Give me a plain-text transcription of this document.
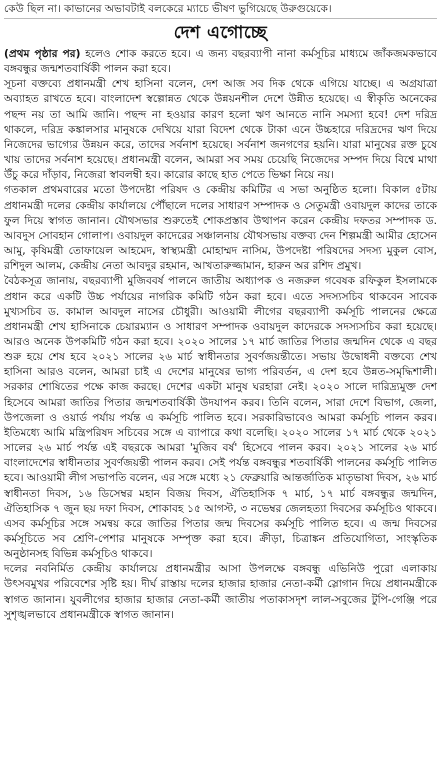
কেউ ছিল না। কাভানের অভাবটাই বলকেরে ম্যাচে ভীষণ ভুগিয়েছে উরুগুয়েকে।
দেশ এগোচ্ছে

(প্রথম পৃষ্ঠার পর) হলেও শোক করতে হবে। এ জন্য বছরব্যাপী নানা কর্মসূচির মাধ্যমে জাঁকজমকভাবে বঙ্গবন্ধুর জন্মশতবার্ষিকী পালন করা হবে।

সূচনা বক্তব্যে প্রধানমন্ত্রী শেখ হাসিনা বলেন, দেশ আজ সব দিক থেকে এগিয়ে যাচ্ছে। এ অগ্রযাত্রা অব্যাহত রাখতে হবে। বাংলাদেশ স্বল্পোন্নত থেকে উন্নয়নশীল দেশে উন্নীত হয়েছে। এ স্বীকৃতি অনেকের পছন্দ নয় তা আমি জানি। পছন্দ না হওয়ার কারণ হলো ঋণ আনতে নানি সমস্যা হবে! দেশ দরিদ্র থাকলে, দরিদ্র কঙ্কালসার মানুষকে দেখিয়ে যারা বিদেশ থেকে টাকা এনে উচ্চহারে দরিদ্রদের ঋণ দিয়ে নিজেদের ভাগ্যের উন্নয়ন করে, তাদের সর্বনাশ হয়েছে। সর্বনাশ জনগণের হয়নি। যারা মানুষের রক্ত চুষে খায় তাদের সর্বনাশ হয়েছে। প্রধানমন্ত্রী বলেন, আমরা সব সময় চেয়েছি নিজেদের সম্পদ দিয়ে বিশ্বে মাথা উঁচু করে দাঁড়াব, নিজেরা স্বাবলম্বী হব। কারোর কাছে হাত পেতে ভিক্ষা নিয়ে নয়।

গতকাল প্রথমবারের মতো উপদেষ্টা পরিষদ ও কেন্দ্রীয় কমিটির এ সভা অনুষ্ঠিত হলো। বিকাল ৫টায় প্রধানমন্ত্রী দলের কেন্দ্রীয় কার্যালয়ে পৌঁছালে দলের সাধারণ সম্পাদক ও সেতুমন্ত্রী ওবায়দুল কাদের তাকে ফুল দিয়ে স্বাগত জানান। যৌথসভার শুরুতেই শোকপ্রস্তাব উত্থাপন করেন কেন্দ্রীয় দফতর সম্পাদক ড. আবদুস সোবহান গোলাপ। ওবায়দুল কাদেরের সঞ্চালনায় যৌথসভায় বক্তব্য দেন শিল্পমন্ত্রী আমীর হোসেন আমু, কৃষিমন্ত্রী তোফায়েল আহমেদ, স্বাস্থ্যমন্ত্রী মোহাম্মদ নাসিম, উপদেষ্টা পরিষদের সদস্য মুকুল বোস, রশিদুল আলম, কেন্দ্রীয় নেতা আবদুর রহমান, আখতারুজ্জামান, হারুন অর রশিদ প্রমুখ।

বৈঠকসূত্র জানায়, বছরব্যাপী মুজিববর্ষ পালনে জাতীয় অধ্যাপক ও নজরুল গবেষক রফিকুল ইসলামকে প্রধান করে একটি উচ্চ পর্যায়ের নাগরিক কমিটি গঠন করা হবে। এতে সদস্যসচিব থাকবেন সাবেক মুখ্যসচিব ড. কামাল আবদুল নাসের চৌধুরী। আওয়ামী লীগের বছরব্যাপী কর্মসূচি পালনের ক্ষেত্রে প্রধানমন্ত্রী শেখ হাসিনাকে চেয়ারম্যান ও সাধারণ সম্পাদক ওবায়দুল কাদেরকে সদস্যসচিব করা হয়েছে। আরও অনেক উপকমিটি গঠন করা হবে। ২০২০ সালের ১৭ মার্চ জাতির পিতার জন্মদিন থেকে এ বছর শুরু হয়ে শেষ হবে ২০২১ সালের ২৬ মার্চ স্বাধীনতার সুবর্ণজয়ন্তীতে। সভায় উদ্বোধনী বক্তব্যে শেখ হাসিনা আরও বলেন, আমরা চাই এ দেশের মানুষের ভাগ্য পরিবর্তন, এ দেশ হবে উন্নত-সমৃদ্ধিশালী। সরকার শোষিতের পক্ষে কাজ করছে। দেশের একটা মানুষ ঘরহারা নেই। ২০২০ সালে দারিদ্র্যমুক্ত দেশ হিসেবে আমরা জাতির পিতার জন্মশতবার্ষিকী উদযাপন করব। তিনি বলেন, সারা দেশে বিভাগ, জেলা, উপজেলা ও ওয়ার্ড পর্যায় পর্যন্ত এ কর্মসূচি পালিত হবে। সরকারিভাবেও আমরা কর্মসূচি পালন করব। ইতিমধ্যে আমি মন্ত্রিপরিষদ সচিবের সঙ্গে এ ব্যাপারে কথা বলেছি। ২০২০ সালের ১৭ মার্চ থেকে ২০২১ সালের ২৬ মার্চ পর্যন্ত এই বছরকে আমরা 'মুজিব বর্ষ' হিসেবে পালন করব। ২০২১ সালের ২৬ মার্চ বাংলাদেশের স্বাধীনতার সুবর্ণজয়ন্তী পালন করব। সেই পর্যন্ত বঙ্গবন্ধুর শতবার্ষিকী পালনের কর্মসূচি পালিত হবে। আওয়ামী লীগ সভাপতি বলেন, এর সঙ্গে মধ্যে ২১ ফেব্রুয়ারি আন্তর্জাতিক মাতৃভাষা দিবস, ২৬ মার্চ স্বাধীনতা দিবস, ১৬ ডিসেম্বর মহান বিজয় দিবস, ঐতিহাসিক ৭ মার্চ, ১৭ মার্চ বঙ্গবন্ধুর জন্মদিন, ঐতিহাসিক ৭ জুন ছয় দফা দিবস, শোকাবহ ১৫ আগস্ট, ৩ নভেম্বর জেলহত্যা দিবসের কর্মসূচিও থাকবে। এসব কর্মসূচির সঙ্গে সমন্বয় করে জাতির পিতার জন্ম দিবসের কর্মসূচি পালিত হবে। এ জন্ম দিবসের কর্মসূচিতে সব শ্রেণি-পেশার মানুষকে সম্পৃক্ত করা হবে। ক্রীড়া, চিত্রাঙ্কন প্রতিযোগিতা, সাংস্কৃতিক অনুষ্ঠানসহ বিভিন্ন কর্মসূচিও থাকবে।

দলের নবনির্মিত কেন্দ্রীয় কার্যালয়ে প্রধানমন্ত্রীর আসা উপলক্ষে বঙ্গবন্ধু এভিনিউ পুরো এলাকায় উৎসবমুখর পরিবেশের সৃষ্টি হয়। দীর্ঘ রাস্তায় দলের হাজার হাজার নেতা-কর্মী স্লোগান দিয়ে প্রধানমন্ত্রীকে স্বাগত জানান। যুবলীগের হাজার হাজার নেতা-কর্মী জাতীয় পতাকাসদৃশ লাল-সবুজের টুপি-গেঞ্জি পরে সুশৃঙ্খলভাবে প্রধানমন্ত্রীকে স্বাগত জানান।
